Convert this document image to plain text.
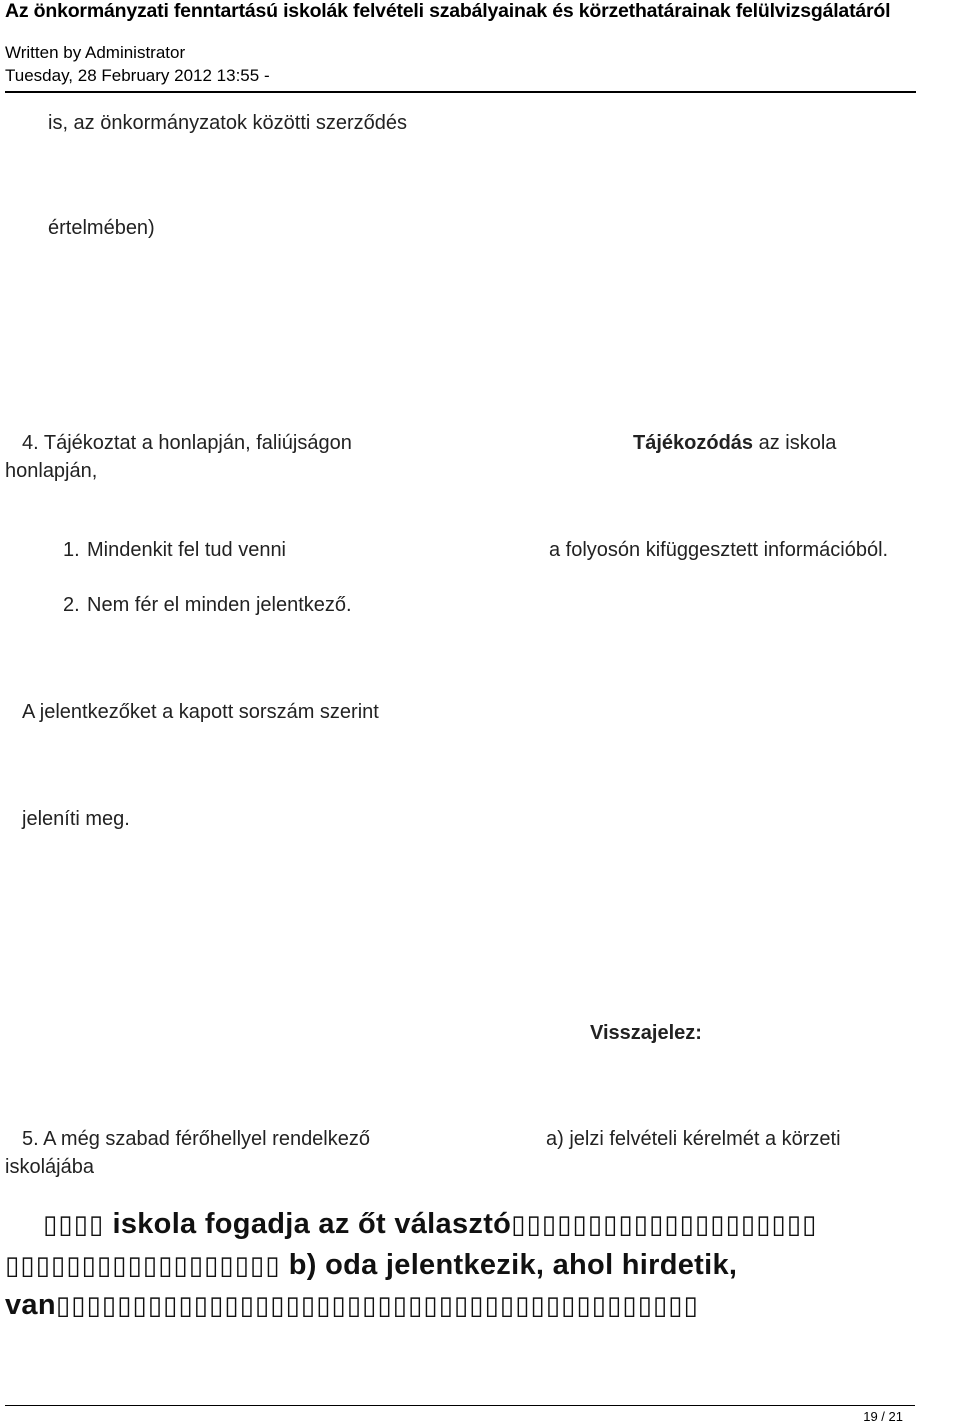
Az önkormányzati fenntartású iskolák felvételi szabályainak és körzethatárainak felülvizsgálatáról
Written by Administrator
Tuesday, 28 February 2012 13:55 -
is, az önkormányzatok közötti szerződés
értelmében)
4. Tájékoztat a honlapján, faliújságon	Tájékozódás az iskola
honlapján,
1. Mindenkit fel tud venni	a folyosón kifüggesztett információból.
2. Nem fér el minden jelentkező.
A jelentkezőket a kapott sorszám szerint
jeleníti meg.
Visszajelez:
5. A még szabad férőhellyel rendelkező	a) jelzi felvételi kérelmét a körzeti
iskolájába
▯▯▯▯ iskola fogadja az őt választó▯▯▯▯▯▯▯▯▯▯▯▯▯▯▯▯▯▯▯▯
▯▯▯▯▯▯▯▯▯▯▯▯▯▯▯▯▯▯ b) oda jelentkezik, ahol hirdetik,
van▯▯▯▯▯▯▯▯▯▯▯▯▯▯▯▯▯▯▯▯▯▯▯▯▯▯▯▯▯▯▯▯▯▯▯▯▯▯▯▯▯▯
19 / 21
